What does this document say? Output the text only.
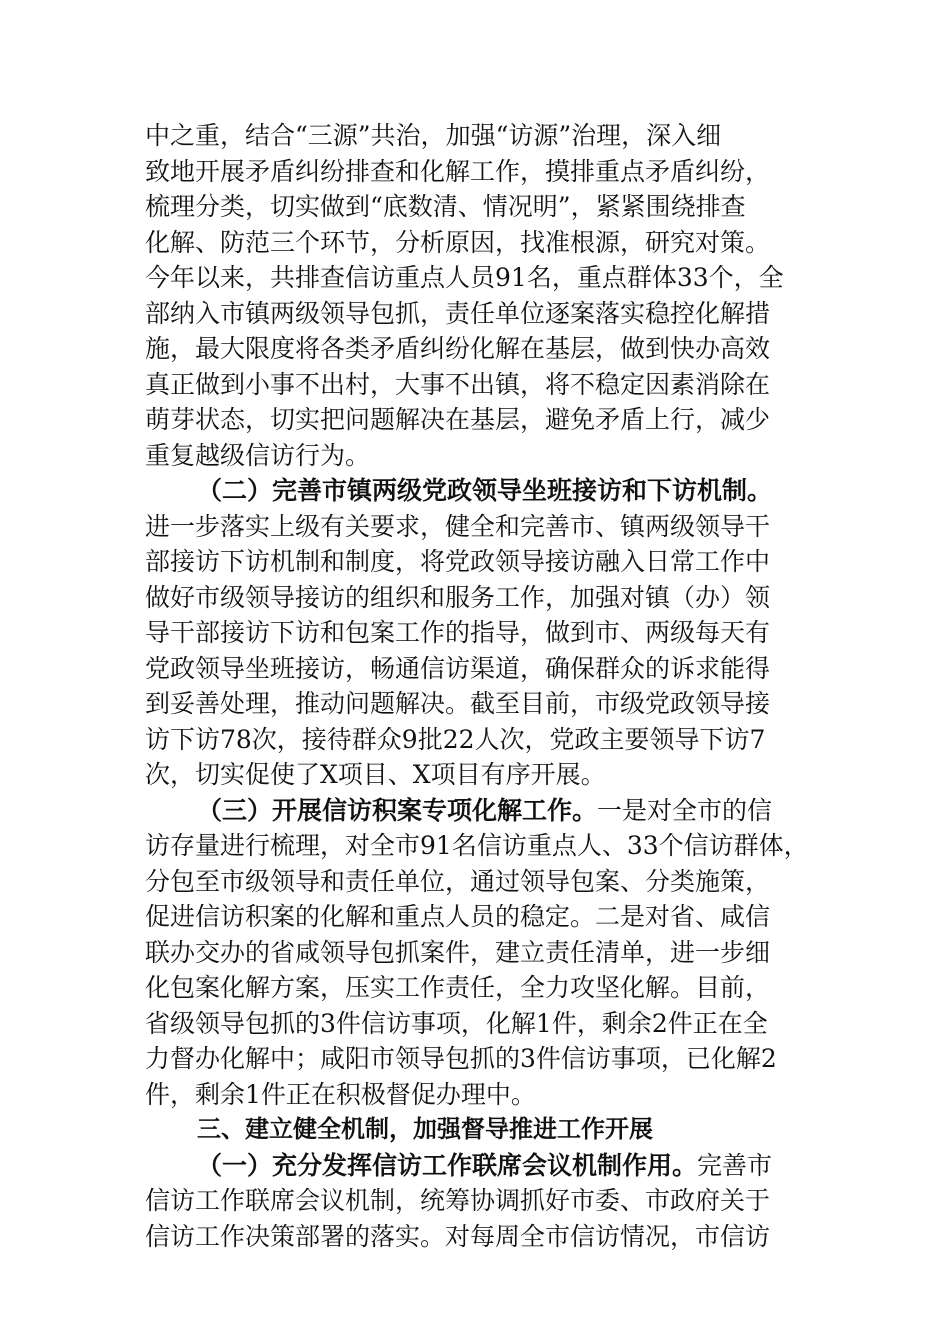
中之重，结合“三源”共治，加强“访源”治理，深入细
致地开展矛盾纠纷排查和化解工作，摸排重点矛盾纠纷，
梳理分类，切实做到“底数清、情况明”，紧紧围绕排查
化解、防范三个环节，分析原因，找准根源，研究对策。
今年以来，共排查信访重点人员91名，重点群体33个，全
部纳入市镇两级领导包抓，责任单位逐案落实稳控化解措
施，最大限度将各类矛盾纠纷化解在基层，做到快办高效
真正做到小事不出村，大事不出镇，将不稳定因素消除在
萌芽状态，切实把问题解决在基层，避免矛盾上行，减少
重复越级信访行为。
（二）完善市镇两级党政领导坐班接访和下访机制。
进一步落实上级有关要求，健全和完善市、镇两级领导干
部接访下访机制和制度，将党政领导接访融入日常工作中
做好市级领导接访的组织和服务工作，加强对镇（办）领
导干部接访下访和包案工作的指导，做到市、两级每天有
党政领导坐班接访，畅通信访渠道，确保群众的诉求能得
到妥善处理，推动问题解决。截至目前，市级党政领导接
访下访78次，接待群众9批22人次，党政主要领导下访7
次，切实促使了X项目、X项目有序开展。
（三）开展信访积案专项化解工作。一是对全市的信
访存量进行梳理，对全市91名信访重点人、33个信访群体，
分包至市级领导和责任单位，通过领导包案、分类施策，
促进信访积案的化解和重点人员的稳定。二是对省、咸信
联办交办的省咸领导包抓案件，建立责任清单，进一步细
化包案化解方案，压实工作责任，全力攻坚化解。目前，
省级领导包抓的3件信访事项，化解1件，剩余2件正在全
力督办化解中；咸阳市领导包抓的3件信访事项，已化解2
件，剩余1件正在积极督促办理中。
三、建立健全机制，加强督导推进工作开展
（一）充分发挥信访工作联席会议机制作用。完善市
信访工作联席会议机制，统筹协调抓好市委、市政府关于
信访工作决策部署的落实。对每周全市信访情况，市信访
